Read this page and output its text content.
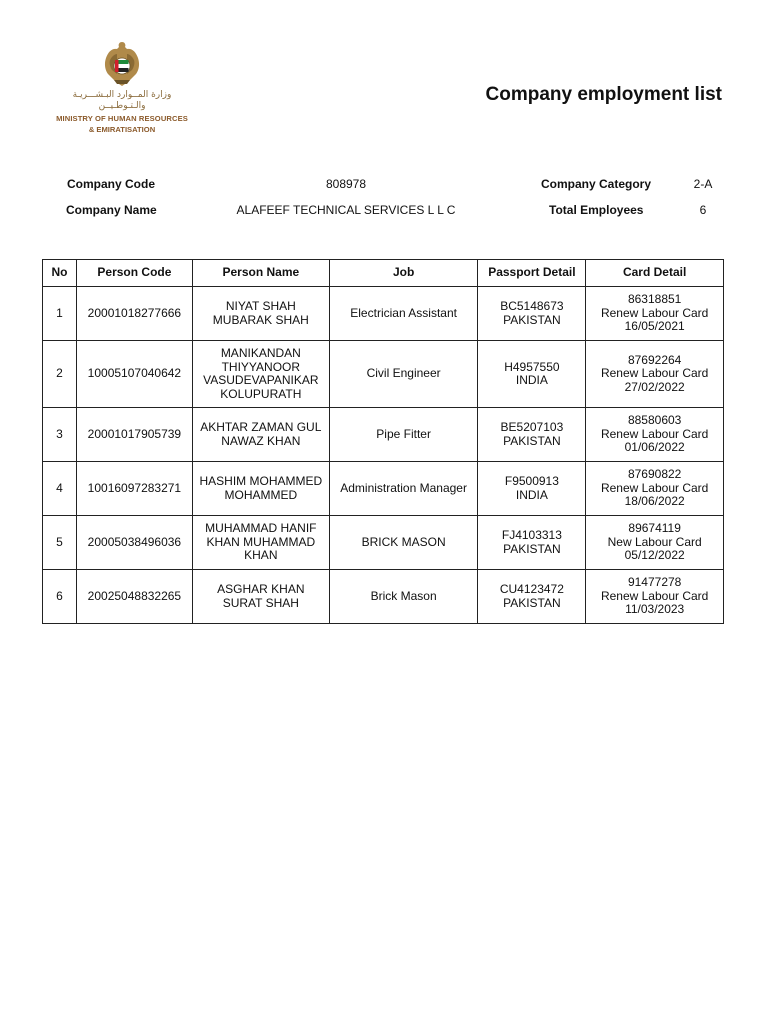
وزارة المــوارد البـشـــريـة
والـتـوطـيــن
MINISTRY OF HUMAN RESOURCES
& EMIRATISATION
Company employment list
Company Code	808978
Company Name	ALAFEEF TECHNICAL SERVICES L L C
Company Category	2-A
Total Employees	6
No	Person Code	Person Name	Job	Passport Detail	Card Detail
1	20001018277666	NIYAT SHAH
MUBARAK SHAH	Electrician Assistant	BC5148673
PAKISTAN	86318851
Renew Labour Card
16/05/2021

2	10005107040642	MANIKANDAN
THIYYANOOR
VASUDEVAPANIKAR
KOLUPURATH	Civil Engineer	H4957550
INDIA	87692264
Renew Labour Card
27/02/2022

3	20001017905739	AKHTAR ZAMAN GUL
NAWAZ KHAN	Pipe Fitter	BE5207103
PAKISTAN	88580603
Renew Labour Card
01/06/2022

4	10016097283271	HASHIM MOHAMMED
MOHAMMED	Administration Manager	F9500913
INDIA	87690822
Renew Labour Card
18/06/2022

5	20005038496036	MUHAMMAD HANIF
KHAN MUHAMMAD
KHAN	BRICK MASON	FJ4103313
PAKISTAN	89674119
New Labour Card
05/12/2022

6	20025048832265	ASGHAR KHAN
SURAT SHAH	Brick Mason	CU4123472
PAKISTAN	91477278
Renew Labour Card
11/03/2023
